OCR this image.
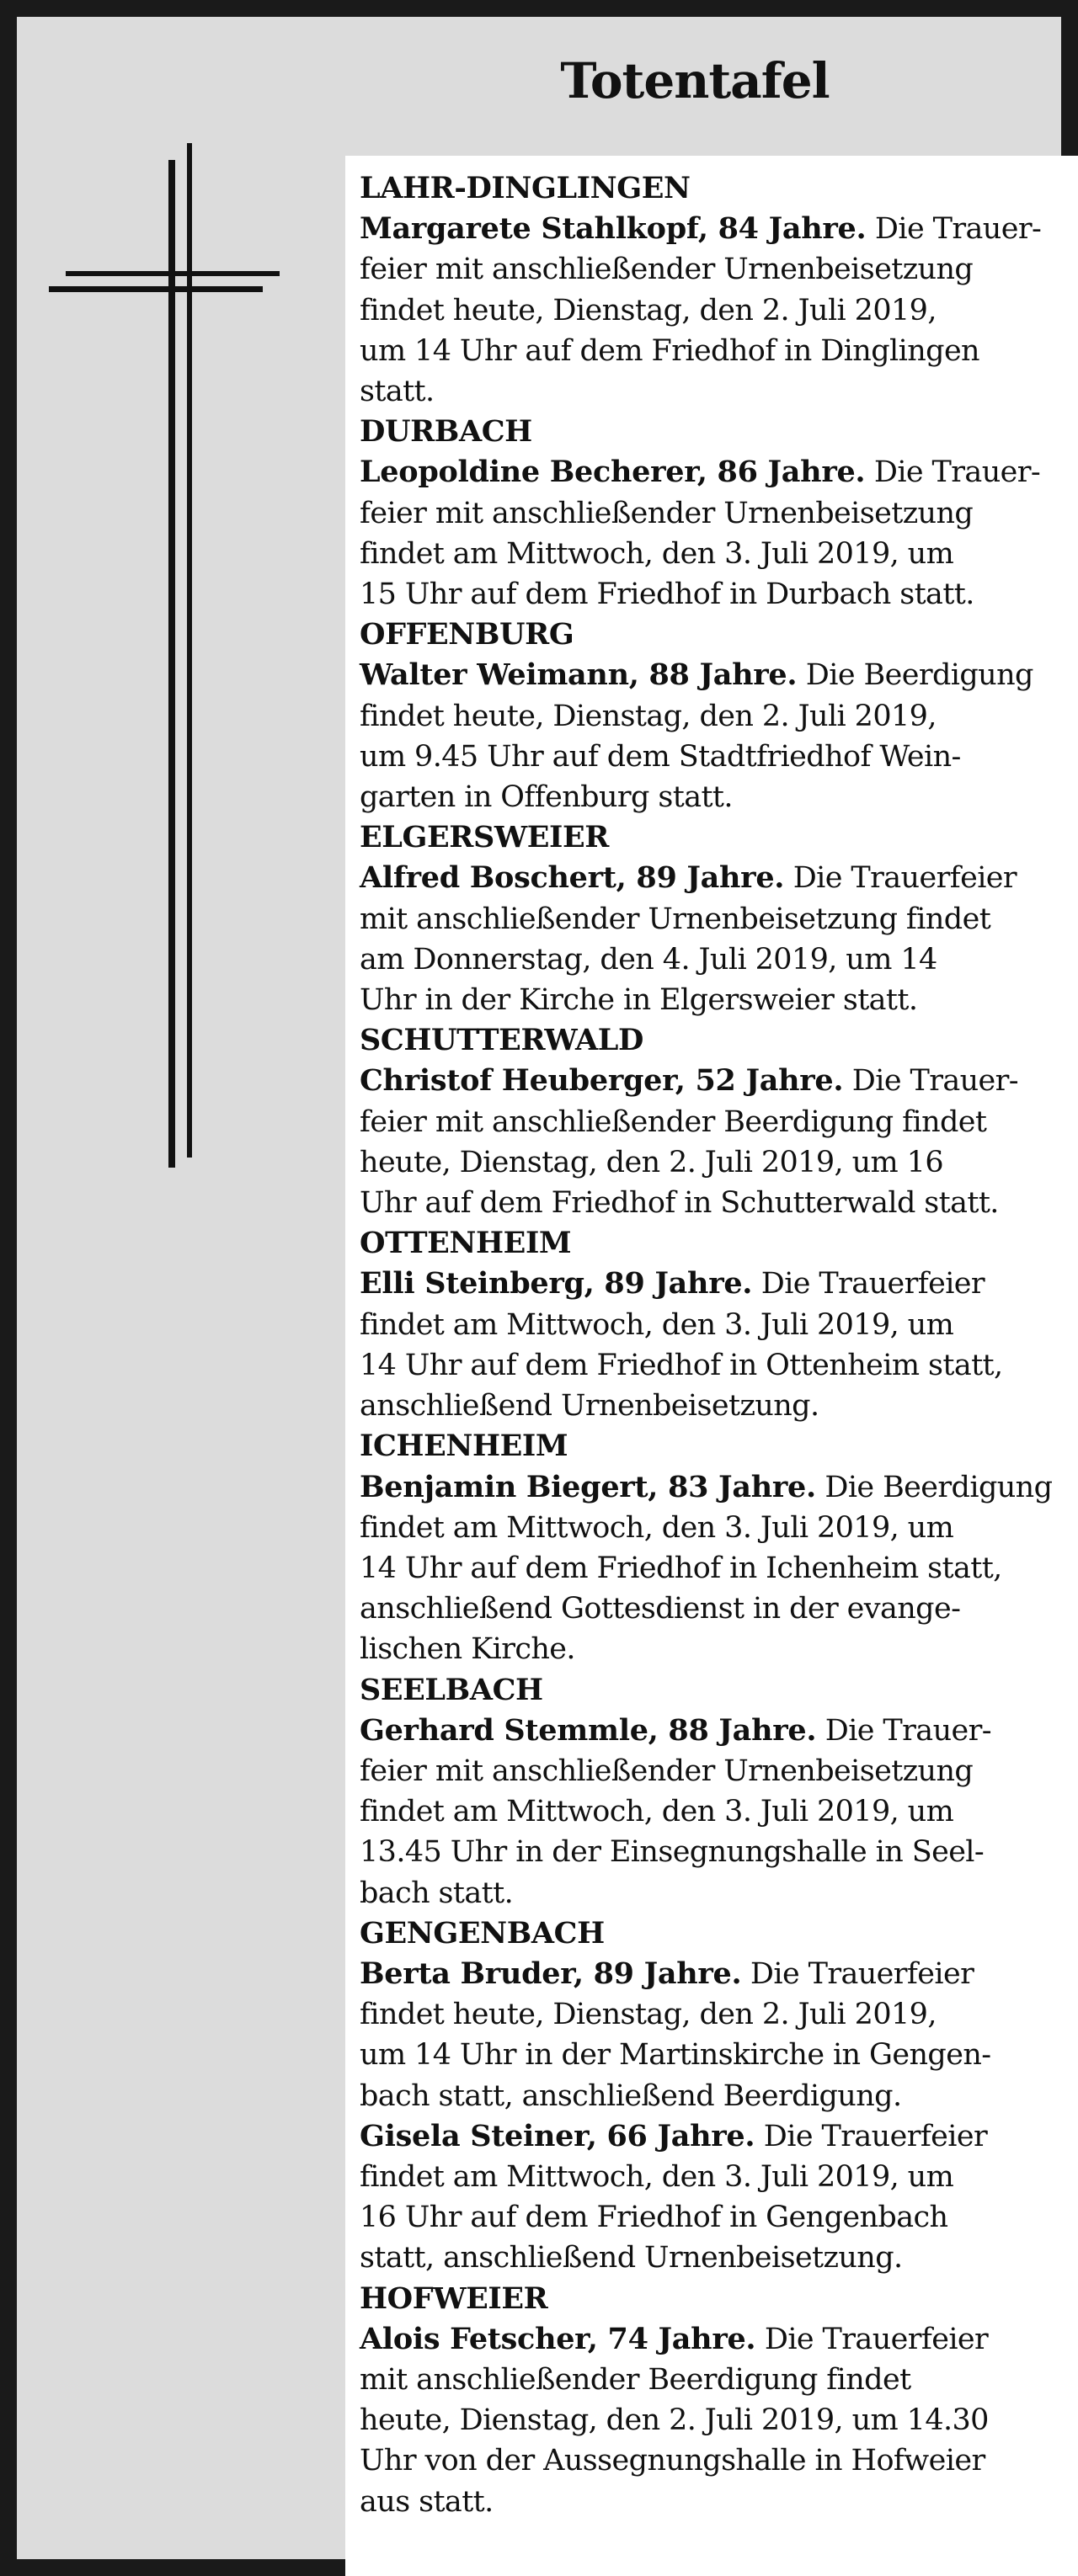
Totentafel
LAHR-DINGLINGEN
Margarete Stahlkopf, 84 Jahre. Die Trauer-
feier mit anschließender Urnenbeisetzung
findet heute, Dienstag, den 2. Juli 2019,
um 14 Uhr auf dem Friedhof in Dinglingen
statt.
DURBACH
Leopoldine Becherer, 86 Jahre. Die Trauer-
feier mit anschließender Urnenbeisetzung
findet am Mittwoch, den 3. Juli 2019, um
15 Uhr auf dem Friedhof in Durbach statt.
OFFENBURG
Walter Weimann, 88 Jahre. Die Beerdigung
findet heute, Dienstag, den 2. Juli 2019,
um 9.45 Uhr auf dem Stadtfriedhof Wein-
garten in Offenburg statt.
ELGERSWEIER
Alfred Boschert, 89 Jahre. Die Trauerfeier
mit anschließender Urnenbeisetzung findet
am Donnerstag, den 4. Juli 2019, um 14
Uhr in der Kirche in Elgersweier statt.
SCHUTTERWALD
Christof Heuberger, 52 Jahre. Die Trauer-
feier mit anschließender Beerdigung findet
heute, Dienstag, den 2. Juli 2019, um 16
Uhr auf dem Friedhof in Schutterwald statt.
OTTENHEIM
Elli Steinberg, 89 Jahre. Die Trauerfeier
findet am Mittwoch, den 3. Juli 2019, um
14 Uhr auf dem Friedhof in Ottenheim statt,
anschließend Urnenbeisetzung.
ICHENHEIM
Benjamin Biegert, 83 Jahre. Die Beerdigung
findet am Mittwoch, den 3. Juli 2019, um
14 Uhr auf dem Friedhof in Ichenheim statt,
anschließend Gottesdienst in der evange-
lischen Kirche.
SEELBACH
Gerhard Stemmle, 88 Jahre. Die Trauer-
feier mit anschließender Urnenbeisetzung
findet am Mittwoch, den 3. Juli 2019, um
13.45 Uhr in der Einsegnungshalle in Seel-
bach statt.
GENGENBACH
Berta Bruder, 89 Jahre. Die Trauerfeier
findet heute, Dienstag, den 2. Juli 2019,
um 14 Uhr in der Martinskirche in Gengen-
bach statt, anschließend Beerdigung.
Gisela Steiner, 66 Jahre. Die Trauerfeier
findet am Mittwoch, den 3. Juli 2019, um
16 Uhr auf dem Friedhof in Gengenbach
statt, anschließend Urnenbeisetzung.
HOFWEIER
Alois Fetscher, 74 Jahre. Die Trauerfeier
mit anschließender Beerdigung findet
heute, Dienstag, den 2. Juli 2019, um 14.30
Uhr von der Aussegnungshalle in Hofweier
aus statt.
